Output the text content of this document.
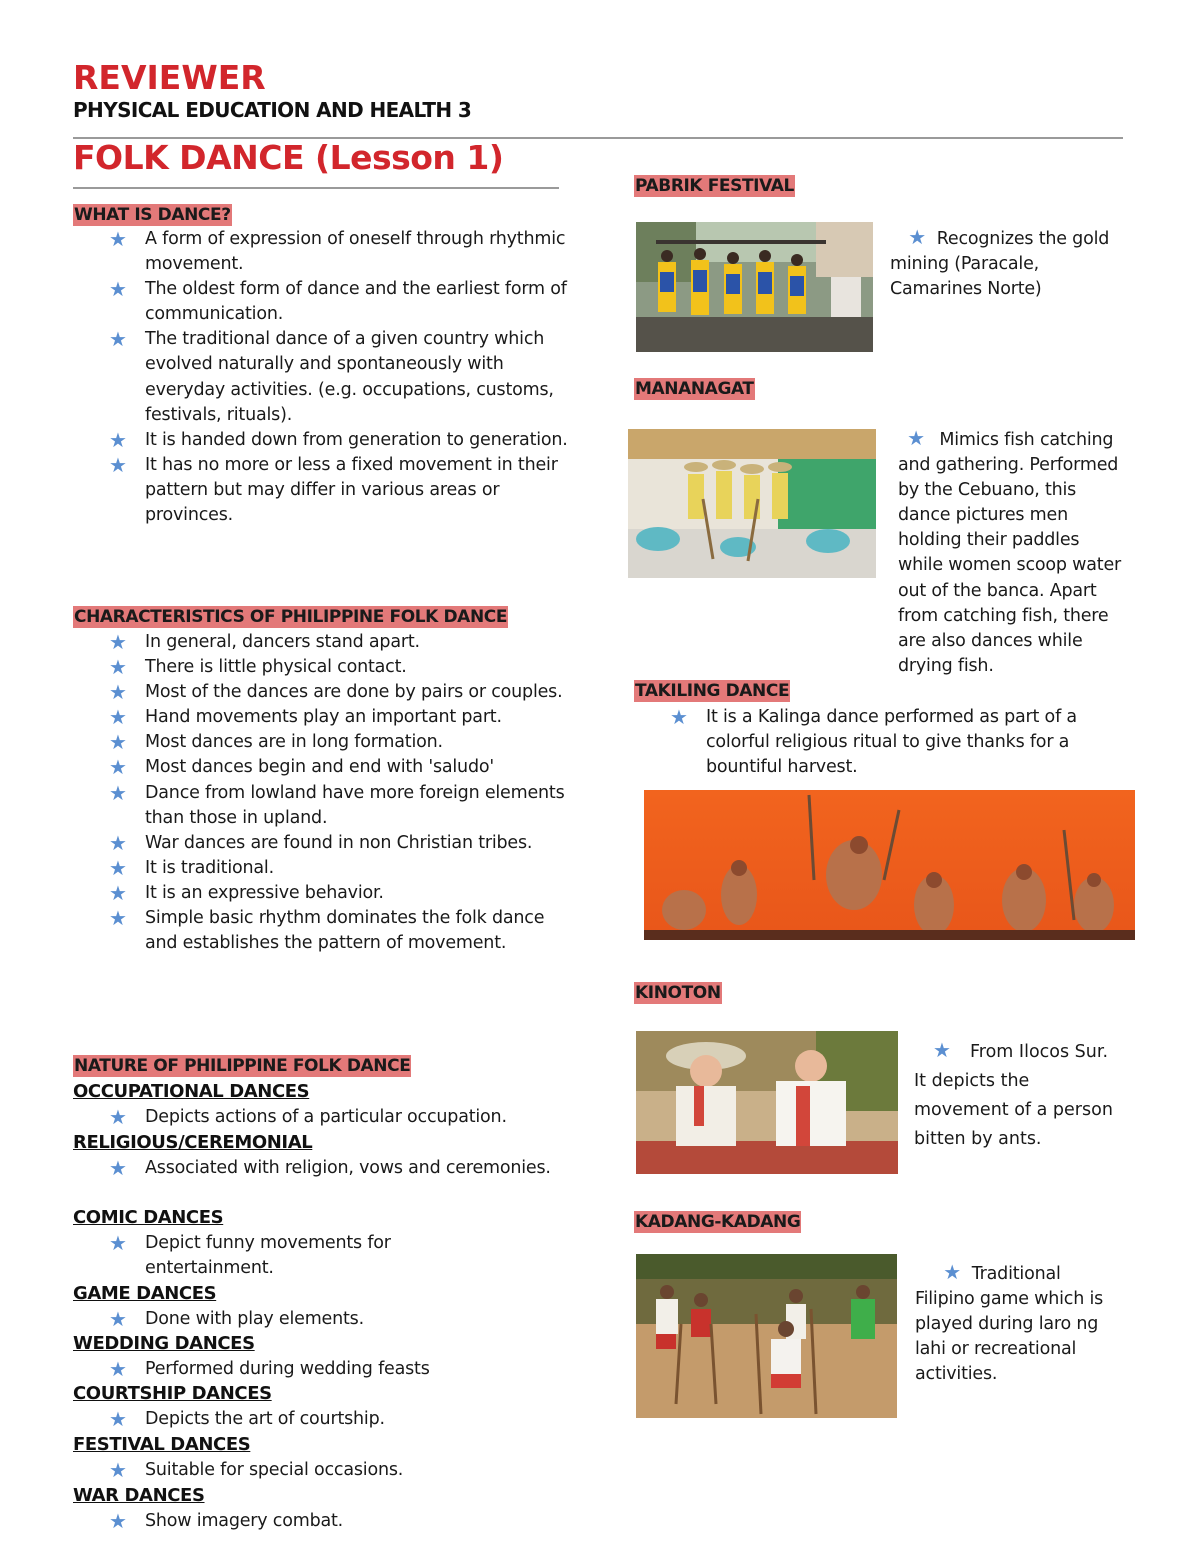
REVIEWER
PHYSICAL EDUCATION AND HEALTH 3
FOLK DANCE (Lesson 1)
WHAT IS DANCE?
★ A form of expression of oneself through rhythmic movement.
★ The oldest form of dance and the earliest form of communication.
★ The traditional dance of a given country which evolved naturally and spontaneously with everyday activities. (e.g. occupations, customs, festivals, rituals).
★ It is handed down from generation to generation.
★ It has no more or less a fixed movement in their pattern but may differ in various areas or provinces.
CHARACTERISTICS OF PHILIPPINE FOLK DANCE
★ In general, dancers stand apart.
★ There is little physical contact.
★ Most of the dances are done by pairs or couples.
★ Hand movements play an important part.
★ Most dances are in long formation.
★ Most dances begin and end with 'saludo'
★ Dance from lowland have more foreign elements than those in upland.
★ War dances are found in non Christian tribes.
★ It is traditional.
★ It is an expressive behavior.
★ Simple basic rhythm dominates the folk dance and establishes the pattern of movement.
NATURE OF PHILIPPINE FOLK DANCE
OCCUPATIONAL DANCES
★ Depicts actions of a particular occupation.
RELIGIOUS/CEREMONIAL
★ Associated with religion, vows and ceremonies.
COMIC DANCES
★ Depict funny movements for entertainment.
GAME DANCES
★ Done with play elements.
WEDDING DANCES
★ Performed during wedding feasts
COURTSHIP DANCES
★ Depicts the art of courtship.
FESTIVAL DANCES
★ Suitable for special occasions.
WAR DANCES
★ Show imagery combat.
PABRIK FESTIVAL
★ Recognizes the gold mining (Paracale, Camarines Norte)
MANANAGAT
★ Mimics fish catching and gathering. Performed by the Cebuano, this dance pictures men holding their paddles while women scoop water out of the banca. Apart from catching fish, there are also dances while drying fish.
TAKILING DANCE
★ It is a Kalinga dance performed as part of a colorful religious ritual to give thanks for a bountiful harvest.
KINOTON
★ From Ilocos Sur. It depicts the movement of a person bitten by ants.
KADANG-KADANG
★ Traditional Filipino game which is played during laro ng lahi or recreational activities.
